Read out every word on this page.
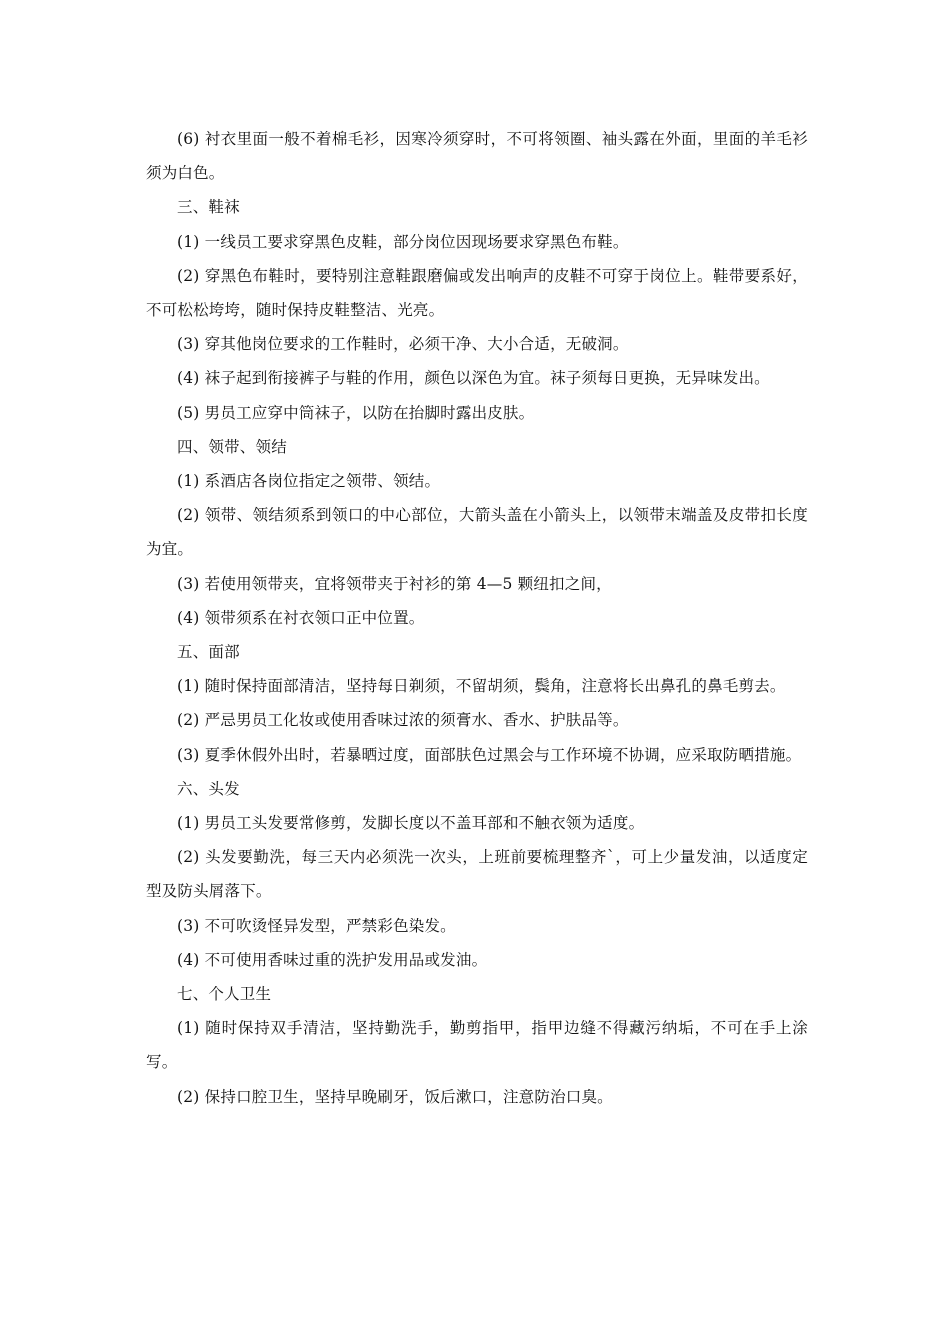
(6) 衬衣里面一般不着棉毛衫，因寒冷须穿时，不可将领圈、袖头露在外面，里面的羊毛衫须为白色。

三、鞋袜

(1) 一线员工要求穿黑色皮鞋，部分岗位因现场要求穿黑色布鞋。

(2) 穿黑色布鞋时，要特别注意鞋跟磨偏或发出响声的皮鞋不可穿于岗位上。鞋带要系好，不可松松垮垮，随时保持皮鞋整洁、光亮。

(3) 穿其他岗位要求的工作鞋时，必须干净、大小合适，无破洞。

(4) 袜子起到衔接裤子与鞋的作用，颜色以深色为宜。袜子须每日更换，无异味发出。

(5) 男员工应穿中筒袜子，以防在抬脚时露出皮肤。

四、领带、领结

(1) 系酒店各岗位指定之领带、领结。

(2) 领带、领结须系到领口的中心部位，大箭头盖在小箭头上，以领带末端盖及皮带扣长度为宜。

(3) 若使用领带夹，宜将领带夹于衬衫的第 4—5 颗纽扣之间，

(4) 领带须系在衬衣领口正中位置。

五、面部

(1) 随时保持面部清洁，坚持每日剃须，不留胡须，鬓角，注意将长出鼻孔的鼻毛剪去。

(2) 严忌男员工化妆或使用香味过浓的须膏水、香水、护肤品等。

(3) 夏季休假外出时，若暴晒过度，面部肤色过黑会与工作环境不协调，应采取防晒措施。

六、头发

(1) 男员工头发要常修剪，发脚长度以不盖耳部和不触衣领为适度。

(2) 头发要勤洗，每三天内必须洗一次头，上班前要梳理整齐`，可上少量发油，以适度定型及防头屑落下。

(3) 不可吹烫怪异发型，严禁彩色染发。

(4) 不可使用香味过重的洗护发用品或发油。

七、个人卫生

(1) 随时保持双手清洁，坚持勤洗手，勤剪指甲，指甲边缝不得藏污纳垢，不可在手上涂写。

(2) 保持口腔卫生，坚持早晚刷牙，饭后漱口，注意防治口臭。
